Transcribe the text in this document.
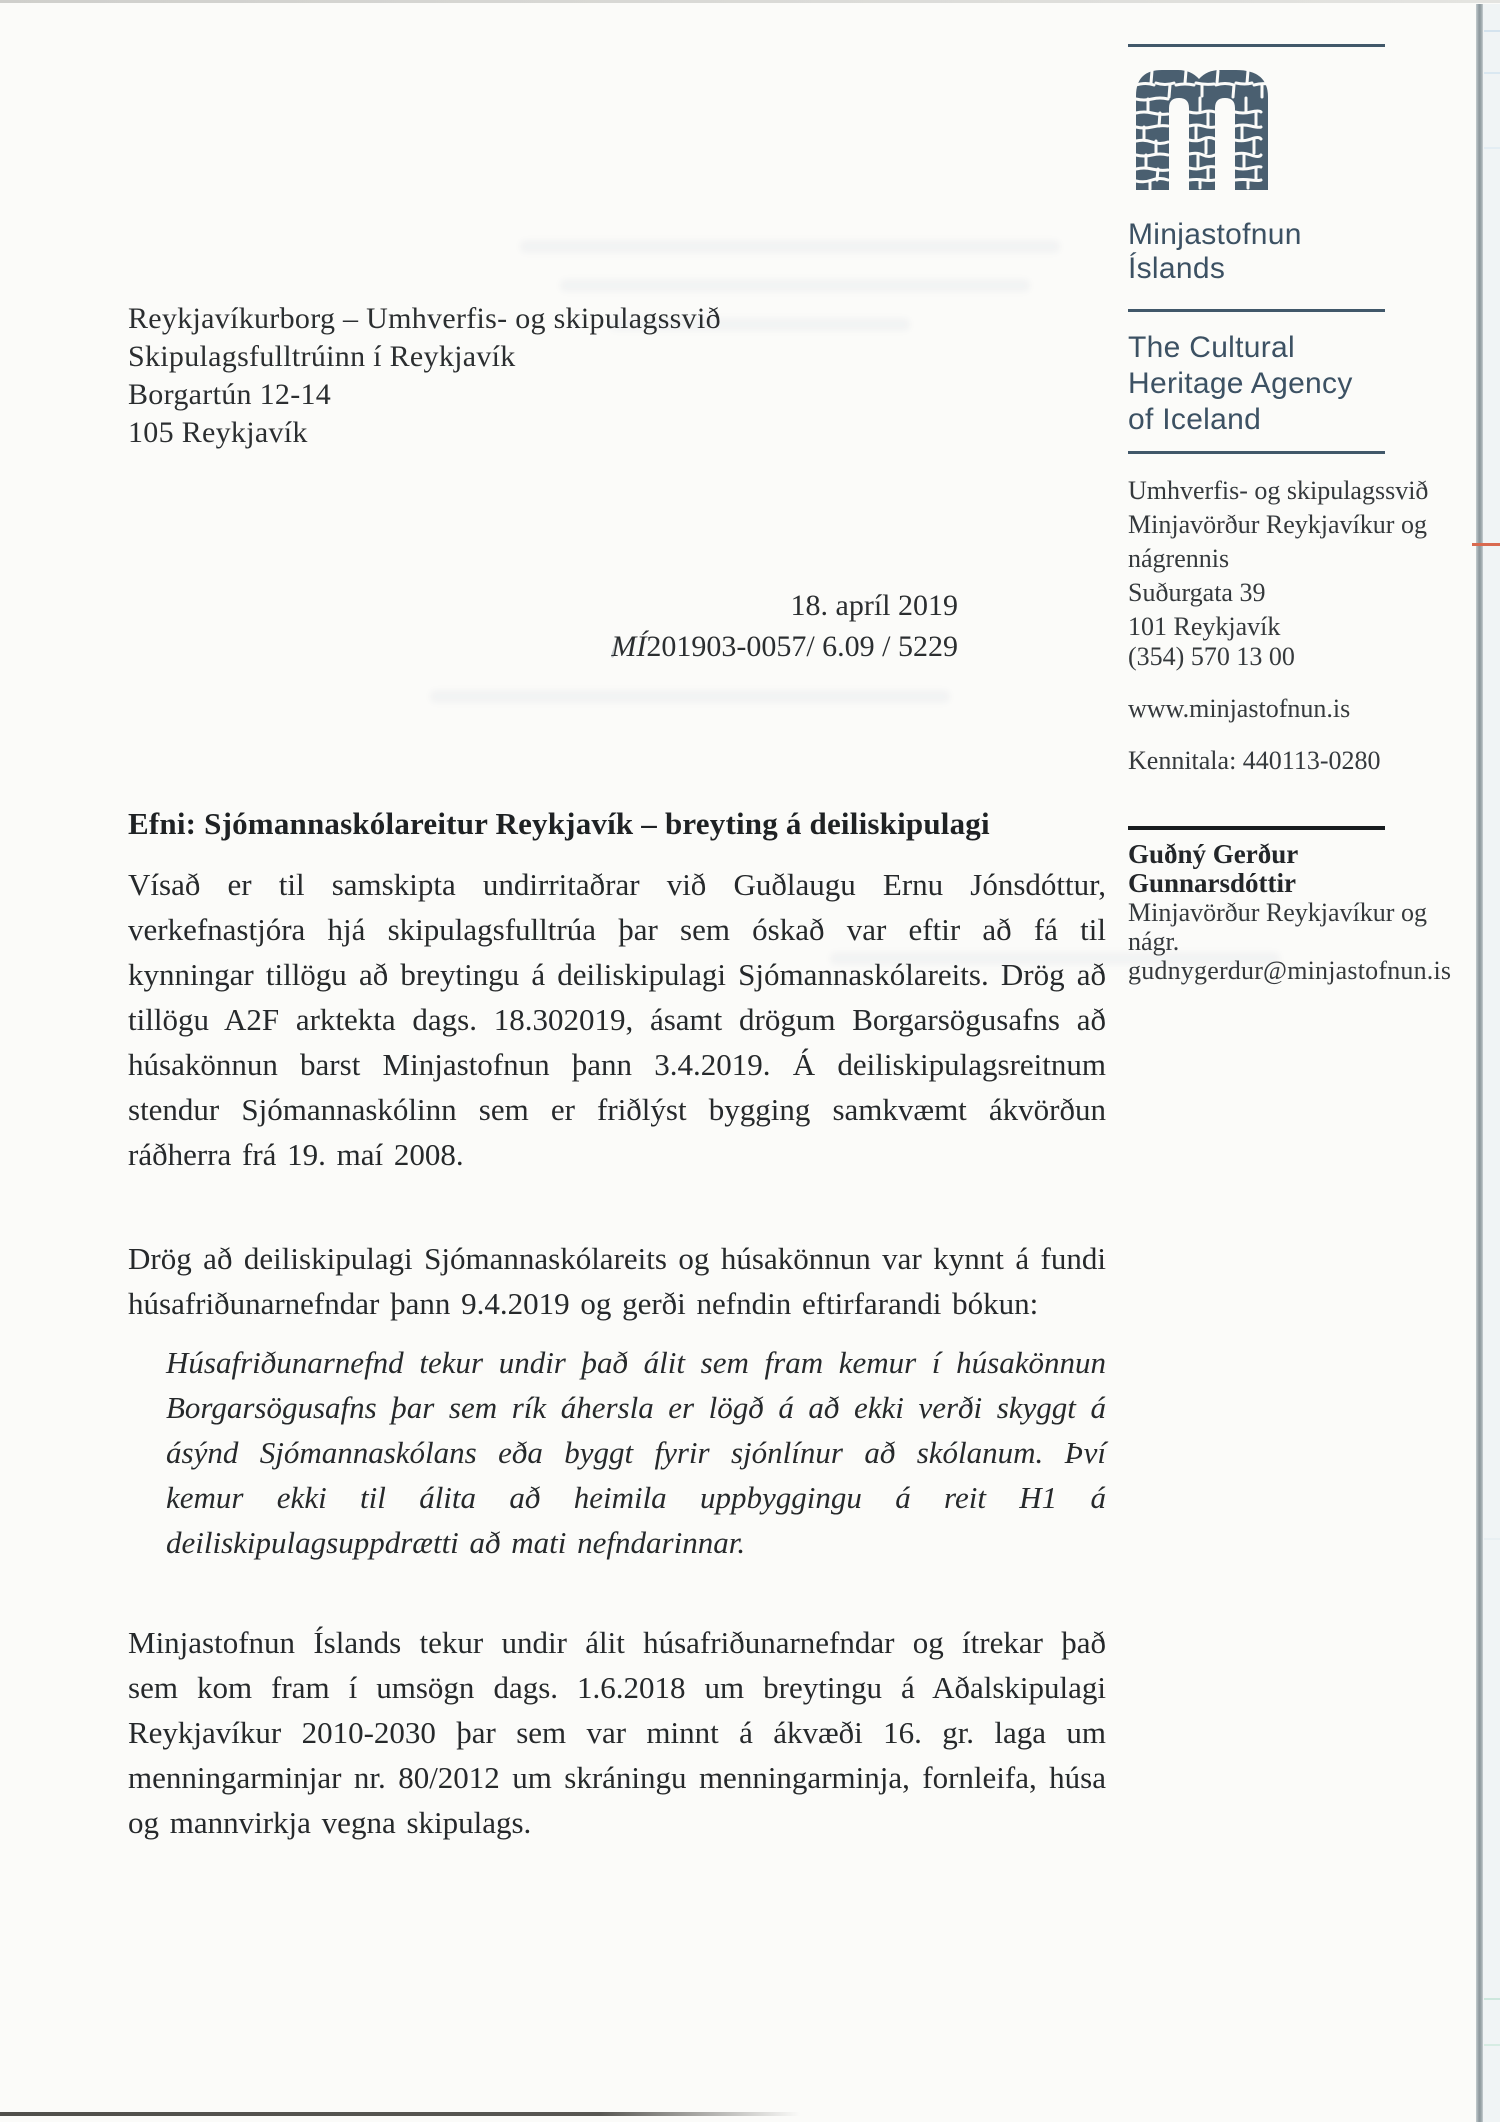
Reykjavíkurborg – Umhverfis- og skipulagssvið
Skipulagsfulltrúinn í Reykjavík
Borgartún 12-14
105 Reykjavík
18. apríl 2019
MÍ201903-0057/ 6.09 / 5229
Efni: Sjómannaskólareitur Reykjavík – breyting á deiliskipulagi

Vísað er til samskipta undirritaðrar við Guðlaugu Ernu Jónsdóttur, verkefnastjóra hjá skipulagsfulltrúa þar sem óskað var eftir að fá til kynningar tillögu að breytingu á deiliskipulagi Sjómannaskólareits. Drög að tillögu A2F arktekta dags. 18.302019, ásamt drögum Borgarsögusafns að húsakönnun barst Minjastofnun þann 3.4.2019. Á deiliskipulagsreitnum stendur Sjómannaskólinn sem er friðlýst bygging samkvæmt ákvörðun ráðherra frá 19. maí 2008.

Drög að deiliskipulagi Sjómannaskólareits og húsakönnun var kynnt á fundi húsafriðunarnefndar þann 9.4.2019 og gerði nefndin eftirfarandi bókun:

Húsafriðunarnefnd tekur undir það álit sem fram kemur í húsakönnun Borgarsögusafns þar sem rík áhersla er lögð á að ekki verði skyggt á ásýnd Sjómannaskólans eða byggt fyrir sjónlínur að skólanum. Því kemur ekki til álita að heimila uppbyggingu á reit H1 á deiliskipulagsuppdrætti að mati nefndarinnar.

Minjastofnun Íslands tekur undir álit húsafriðunarnefndar og ítrekar það sem kom fram í umsögn dags. 1.6.2018 um breytingu á Aðalskipulagi Reykjavíkur 2010-2030 þar sem var minnt á ákvæði 16. gr. laga um menningarminjar nr. 80/2012 um skráningu menningarminja, fornleifa, húsa og mannvirkja vegna skipulags.

Minjastofnun
Íslands
The Cultural
Heritage Agency
of Iceland
Umhverfis- og skipulagssvið
Minjavörður Reykjavíkur og
nágrennis
Suðurgata 39
101 Reykjavík
(354) 570 13 00
www.minjastofnun.is
Kennitala: 440113-0280
Guðný Gerður
Gunnarsdóttir
Minjavörður Reykjavíkur og
nágr.
gudnygerdur@minjastofnun.is
